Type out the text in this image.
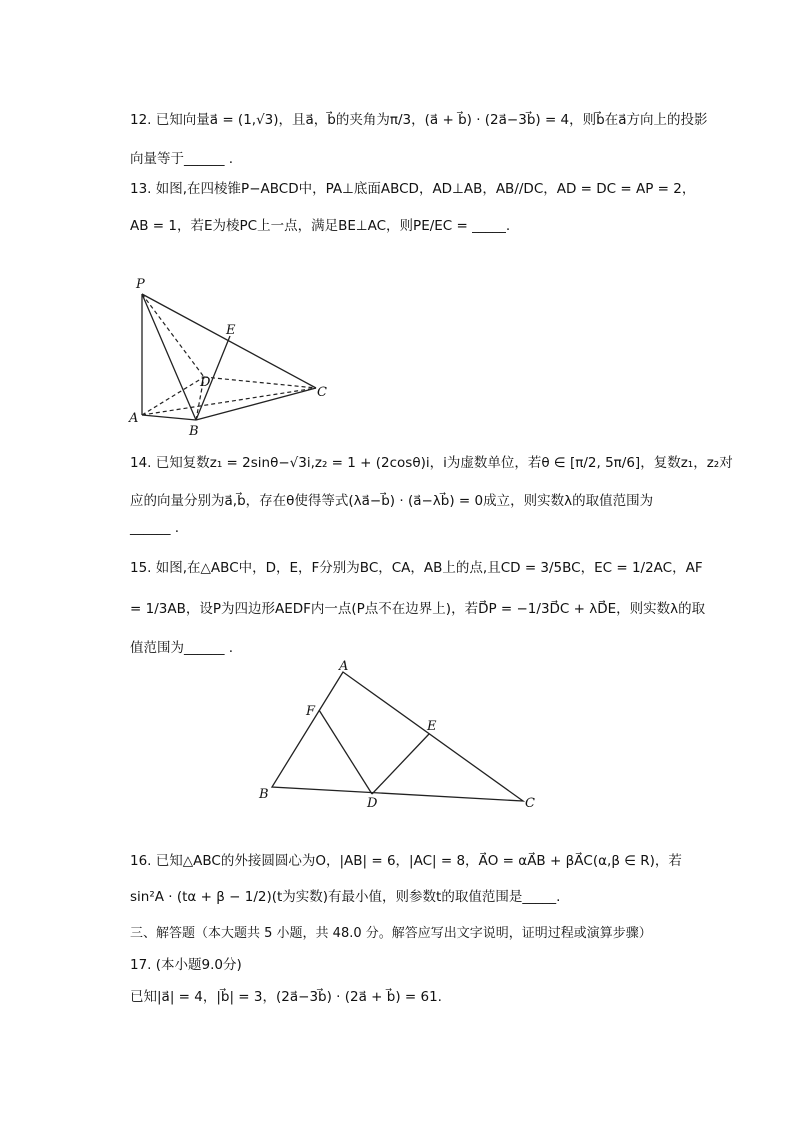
12. 已知向量a⃗ = (1,√3)，且a⃗，b⃗的夹角为π/3，(a⃗ + b⃗) · (2a⃗−3b⃗) = 4，则b⃗在a⃗方向上的投影
向量等于______ .
13. 如图,在四棱锥P−ABCD中，PA⊥底面ABCD，AD⊥AB，AB//DC，AD = DC = AP = 2，
AB = 1，若E为棱PC上一点，满足BE⊥AC，则PE/EC = _____.
P
E
D
C
A
B
14. 已知复数z₁ = 2sinθ−√3i,z₂ = 1 + (2cosθ)i，i为虚数单位，若θ ∈ [π/2, 5π/6]，复数z₁，z₂对
应的向量分别为a⃗,b⃗，存在θ使得等式(λa⃗−b⃗) · (a⃗−λb⃗) = 0成立，则实数λ的取值范围为
______ .
15. 如图,在△ABC中，D，E，F分别为BC，CA，AB上的点,且CD = 3/5BC，EC = 1/2AC，AF
= 1/3AB，设P为四边形AEDF内一点(P点不在边界上)，若D⃗P = −1/3D⃗C + λD⃗E，则实数λ的取
值范围为______ .
A
F
E
B
D	C
16. 已知△ABC的外接圆圆心为O，|AB| = 6，|AC| = 8，A⃗O = αA⃗B + βA⃗C(α,β ∈ R)，若
sin²A · (tα + β − 1/2)(t为实数)有最小值，则参数t的取值范围是_____.
三、解答题（本大题共 5 小题，共 48.0 分。解答应写出文字说明，证明过程或演算步骤）
17. (本小题9.0分)
已知|a⃗| = 4，|b⃗| = 3，(2a⃗−3b⃗) · (2a⃗ + b⃗) = 61.
